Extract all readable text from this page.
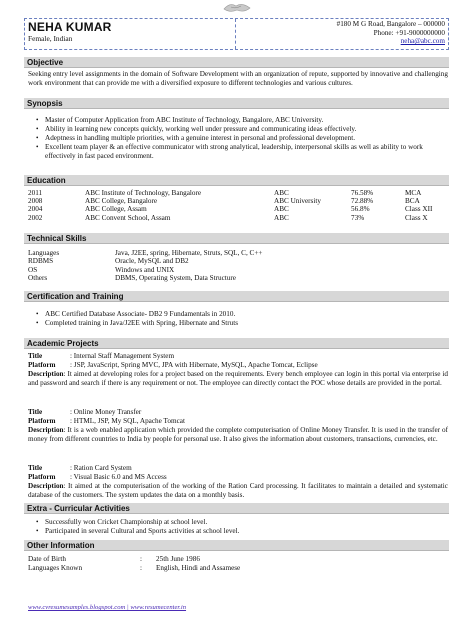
NEHA KUMAR
Female, Indian
#180 M G Road, Bangalore – 000000
Phone: +91-9000000000
neha@abc.com
Objective
Seeking entry level assignments in the domain of Software Development with an organization of repute, supported by innovative and challenging work environment that can provide me with a diversified exposure to different technologies and various cultures.
Synopsis
• Master of Computer Application from ABC Institute of Technology, Bangalore, ABC University.
• Ability in learning new concepts quickly, working well under pressure and communicating ideas effectively.
• Adeptness in handling multiple priorities, with a genuine interest in personal and professional development.
• Excellent team player & an effective communicator with strong analytical, leadership, interpersonal skills as well as ability to work effectively in fast paced environment.
Education
2011	ABC Institute of Technology, Bangalore	ABC	76.58%	MCA
2008	ABC College, Bangalore	ABC University	72.88%	BCA
2004	ABC College, Assam	ABC	56.8%	Class XII
2002	ABC Convent School, Assam	ABC	73%	Class X
Technical Skills
Languages	Java, J2EE, spring, Hibernate, Struts, SQL, C, C++
RDBMS	Oracle, MySQL and DB2
OS	Windows and UNIX
Others	DBMS, Operating System, Data Structure
Certification and Training
• ABC Certified Database Associate- DB2 9 Fundamentals in 2010.
• Completed training in Java/J2EE with Spring, Hibernate and Struts
Academic Projects
Title	: Internal Staff Management System
Platform : JSP, JavaScript, Spring MVC, JPA with Hibernate, MySQL, Apache Tomcat, Eclipse
Description: It aimed at developing roles for a project based on the requirements. Every bench employee can login in this portal via enterprise id and password and search if there is any requirement or not. The employee can directly contact the POC whose details are provided in the portal.
Title	: Online Money Transfer
Platform : HTML, JSP, My SQL, Apache Tomcat
Description: It is a web enabled application which provided the complete computerisation of Online Money Transfer. It is used in the transfer of money from different countries to India by people for personal use. It also gives the information about customers, transactions, currencies, etc.
Title	: Ration Card System
Platform : Visual Basic 6.0 and MS Access
Description: It aimed at the computerisation of the working of the Ration Card processing. It facilitates to maintain a detailed and systematic database of the customers. The system updates the data on a monthly basis.
Extra - Curricular Activities
• Successfully won Cricket Championship at school level.
• Participated in several Cultural and Sports activities at school level.
Other Information
Date of Birth	: 25th June 1986
Languages Known	: English, Hindi and Assamese
www.cvresumesamples.blogspot.com | www.resumecenter.in
